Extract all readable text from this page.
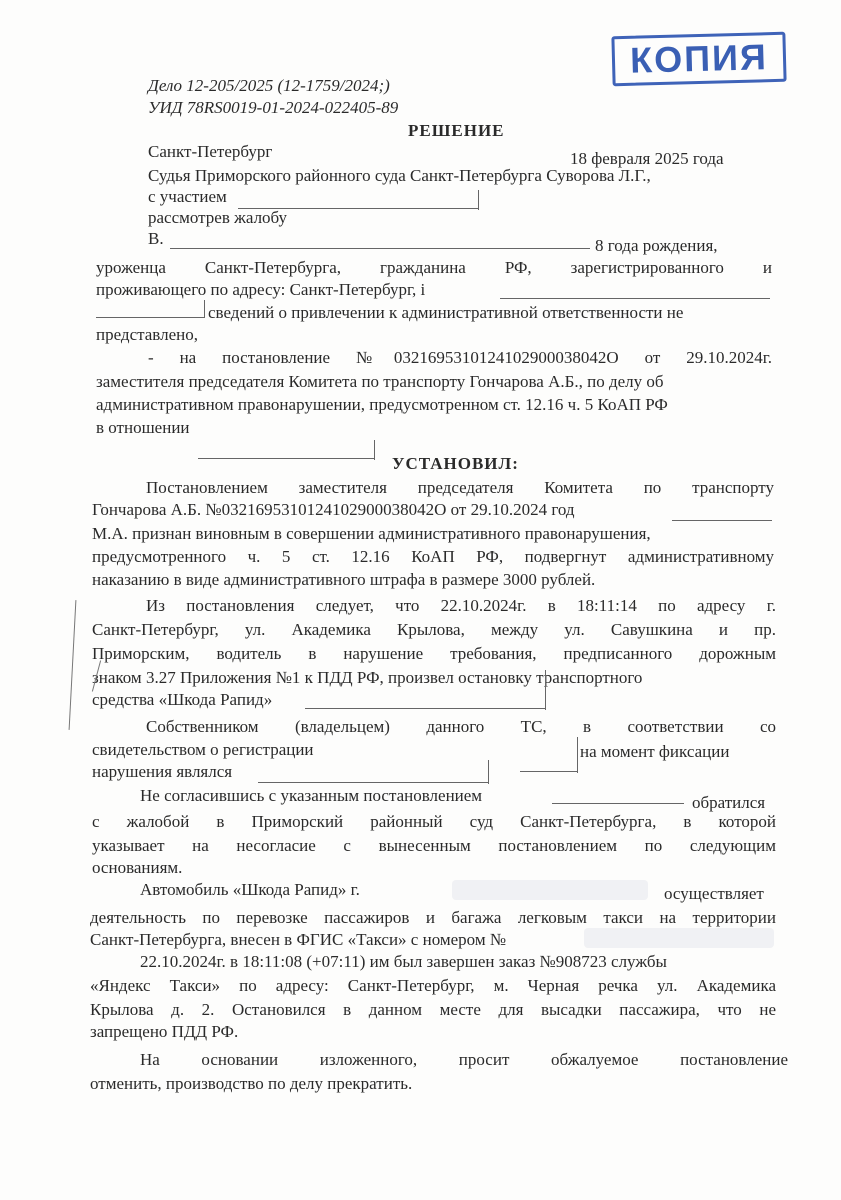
КОПИЯ
Дело 12-205/2025 (12-1759/2024;)
УИД 78RS0019-01-2024-022405-89
РЕШЕНИЕ
Санкт-Петербург	18 февраля 2025 года
Судья Приморского районного суда Санкт-Петербурга Суворова Л.Г.,
с участием
рассмотрев жалобу
В.	8 года рождения,
уроженца Санкт-Петербурга, гражданина РФ, зарегистрированного и
проживающего по адресу: Санкт-Петербург, і
сведений о привлечении к административной ответственности не
представлено,
- на постановление №0321695310124102900038042О от 29.10.2024г.
заместителя председателя Комитета по транспорту Гончарова А.Б., по делу об
административном правонарушении, предусмотренном ст. 12.16 ч. 5 КоАП РФ
в отношении
УСТАНОВИЛ:
Постановлением заместителя председателя Комитета по транспорту
Гончарова А.Б. №0321695310124102900038042О от 29.10.2024 год
М.А. признан виновным в совершении административного правонарушения,
предусмотренного ч. 5 ст. 12.16 КоАП РФ, подвергнут административному
наказанию в виде административного штрафа в размере 3000 рублей.
Из постановления следует, что 22.10.2024г. в 18:11:14 по адресу г.
Санкт-Петербург, ул. Академика Крылова, между ул. Савушкина и пр.
Приморским, водитель в нарушение требования, предписанного дорожным
знаком 3.27 Приложения №1 к ПДД РФ, произвел остановку транспортного
средства «Шкода Рапид»
Собственником (владельцем) данного ТС, в соответствии со
свидетельством о регистрации	на момент фиксации
нарушения являлся
Не согласившись с указанным постановлением	обратился
с жалобой в Приморский районный суд Санкт-Петербурга, в которой
указывает на несогласие с вынесенным постановлением по следующим
основаниям.
Автомобиль «Шкода Рапид» г.	осуществляет
деятельность по перевозке пассажиров и багажа легковым такси на территории
Санкт-Петербурга, внесен в ФГИС «Такси» с номером №
22.10.2024г. в 18:11:08 (+07:11) им был завершен заказ №908723 службы
«Яндекс Такси» по адресу: Санкт-Петербург, м. Черная речка ул. Академика
Крылова д. 2. Остановился в данном месте для высадки пассажира, что не
запрещено ПДД РФ.
На основании изложенного, просит обжалуемое постановление
отменить, производство по делу прекратить.
